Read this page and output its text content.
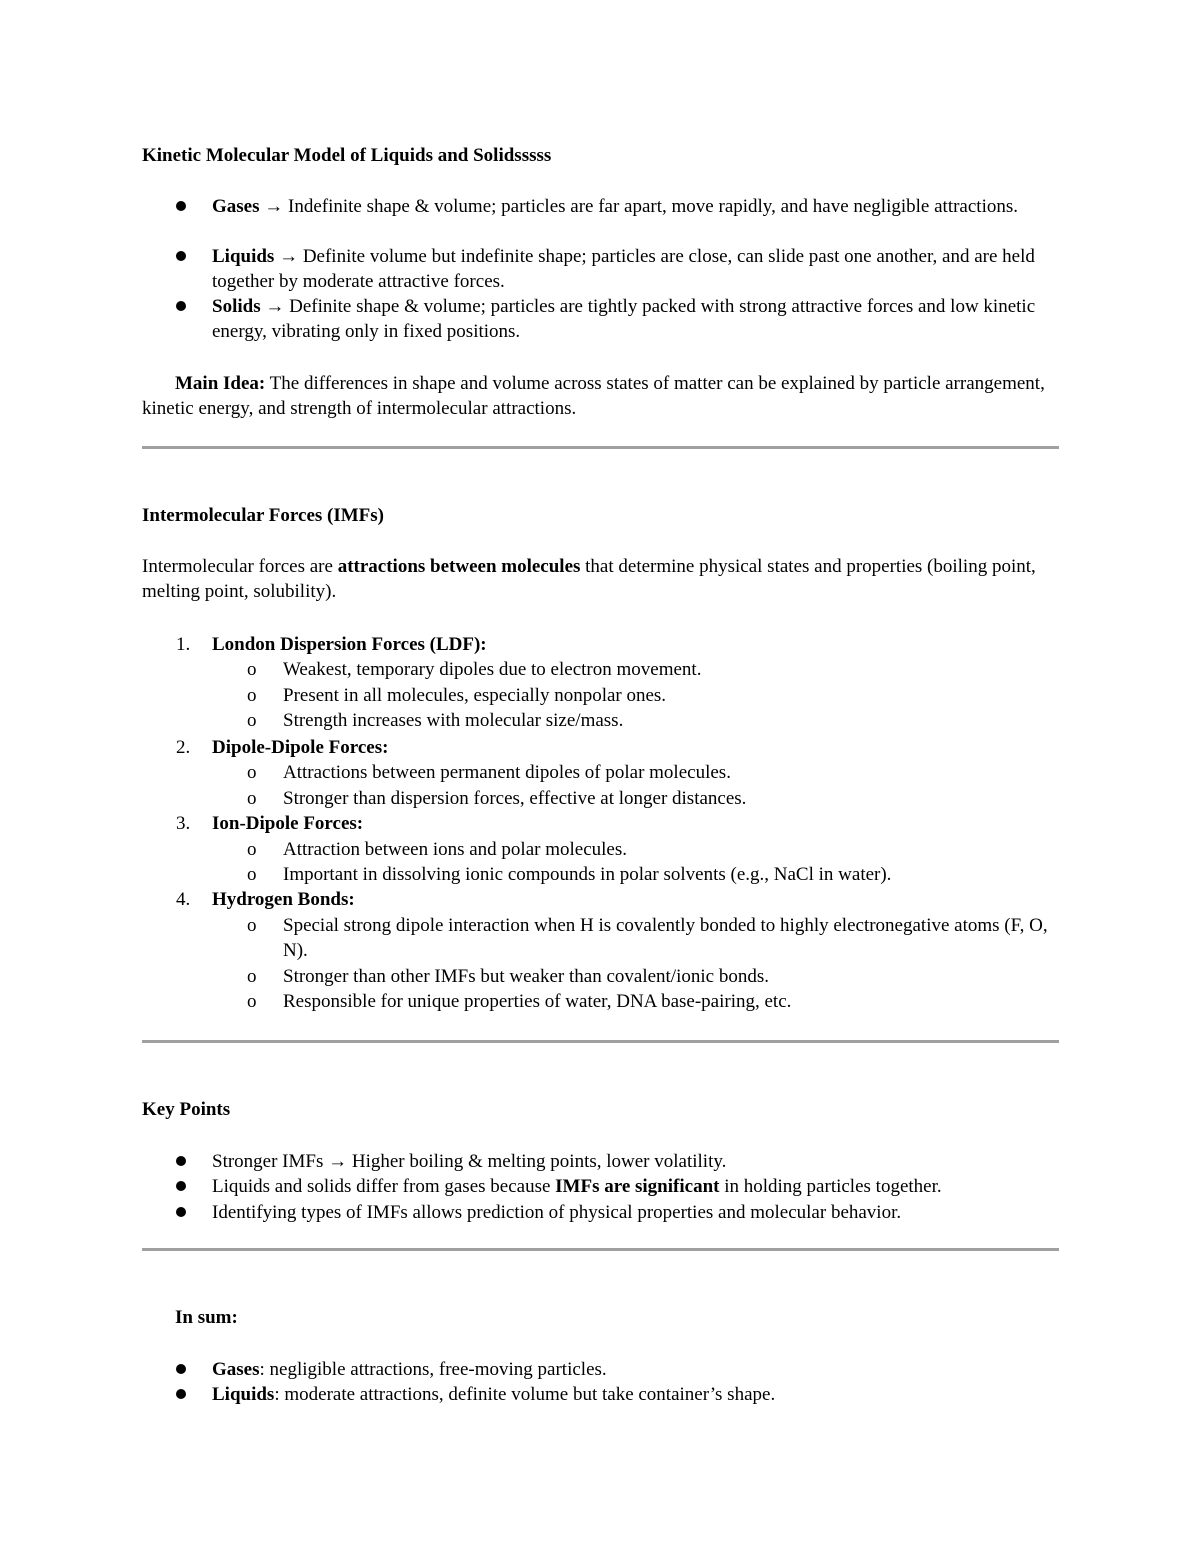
Kinetic Molecular Model of Liquids and Solidsssss
Gases → Indefinite shape & volume; particles are far apart, move rapidly, and have negligible attractions.
Liquids → Definite volume but indefinite shape; particles are close, can slide past one another, and are held together by moderate attractive forces.
Solids → Definite shape & volume; particles are tightly packed with strong attractive forces and low kinetic energy, vibrating only in fixed positions.
Main Idea: The differences in shape and volume across states of matter can be explained by particle arrangement, kinetic energy, and strength of intermolecular attractions.
Intermolecular Forces (IMFs)
Intermolecular forces are attractions between molecules that determine physical states and properties (boiling point, melting point, solubility).
1. London Dispersion Forces (LDF):
o Weakest, temporary dipoles due to electron movement.
o Present in all molecules, especially nonpolar ones.
o Strength increases with molecular size/mass.
2. Dipole-Dipole Forces:
o Attractions between permanent dipoles of polar molecules.
o Stronger than dispersion forces, effective at longer distances.
3. Ion-Dipole Forces:
o Attraction between ions and polar molecules.
o Important in dissolving ionic compounds in polar solvents (e.g., NaCl in water).
4. Hydrogen Bonds:
o Special strong dipole interaction when H is covalently bonded to highly electronegative atoms (F, O, N).
o Stronger than other IMFs but weaker than covalent/ionic bonds.
o Responsible for unique properties of water, DNA base-pairing, etc.
Key Points
Stronger IMFs → Higher boiling & melting points, lower volatility.
Liquids and solids differ from gases because IMFs are significant in holding particles together.
Identifying types of IMFs allows prediction of physical properties and molecular behavior.
In sum:
Gases: negligible attractions, free-moving particles.
Liquids: moderate attractions, definite volume but take container’s shape.
